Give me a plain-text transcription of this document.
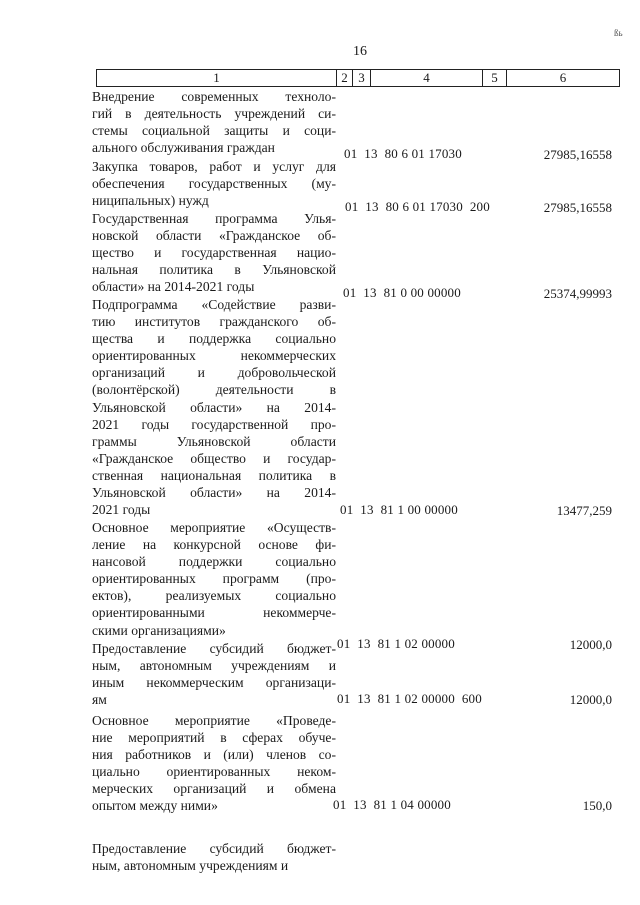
16
ßь
1	2 3	4	5	6
Внедрение современных техноло-
гий в деятельность учреждений си-
стемы социальной защиты и соци-
ального обслуживания граждан	01  13  80 6 01 17030	27985,16558
Закупка товаров, работ и услуг для
обеспечения государственных (му-
ниципальных) нужд	01  13  80 6 01 17030  200	27985,16558
Государственная программа Улья-
новской области «Гражданское об-
щество и государственная нацио-
нальная политика в Ульяновской
области» на 2014-2021 годы	01  13  81 0 00 00000	25374,99993
Подпрограмма «Содействие разви-
тию институтов гражданского об-
щества и поддержка социально
ориентированных некоммерческих
организаций и добровольческой
(волонтёрской) деятельности в
Ульяновской области» на 2014-
2021 годы государственной про-
граммы Ульяновской области
«Гражданское общество и государ-
ственная национальная политика в
Ульяновской области» на 2014-
2021 годы	01  13  81 1 00 00000	13477,259
Основное мероприятие «Осуществ-
ление на конкурсной основе фи-
нансовой поддержки социально
ориентированных программ (про-
ектов), реализуемых социально
ориентированными некоммерче-
скими организациями»
01  13  81 1 02 00000	12000,0
Предоставление субсидий бюджет-
ным, автономным учреждениям и
иным некоммерческим организаци-
ям	01  13  81 1 02 00000  600	12000,0
Основное мероприятие «Проведе-
ние мероприятий в сферах обуче-
ния работников и (или) членов со-
циально ориентированных неком-
мерческих организаций и обмена
опытом между ними»	01  13  81 1 04 00000	150,0
Предоставление субсидий бюджет-
ным, автономным учреждениям и
